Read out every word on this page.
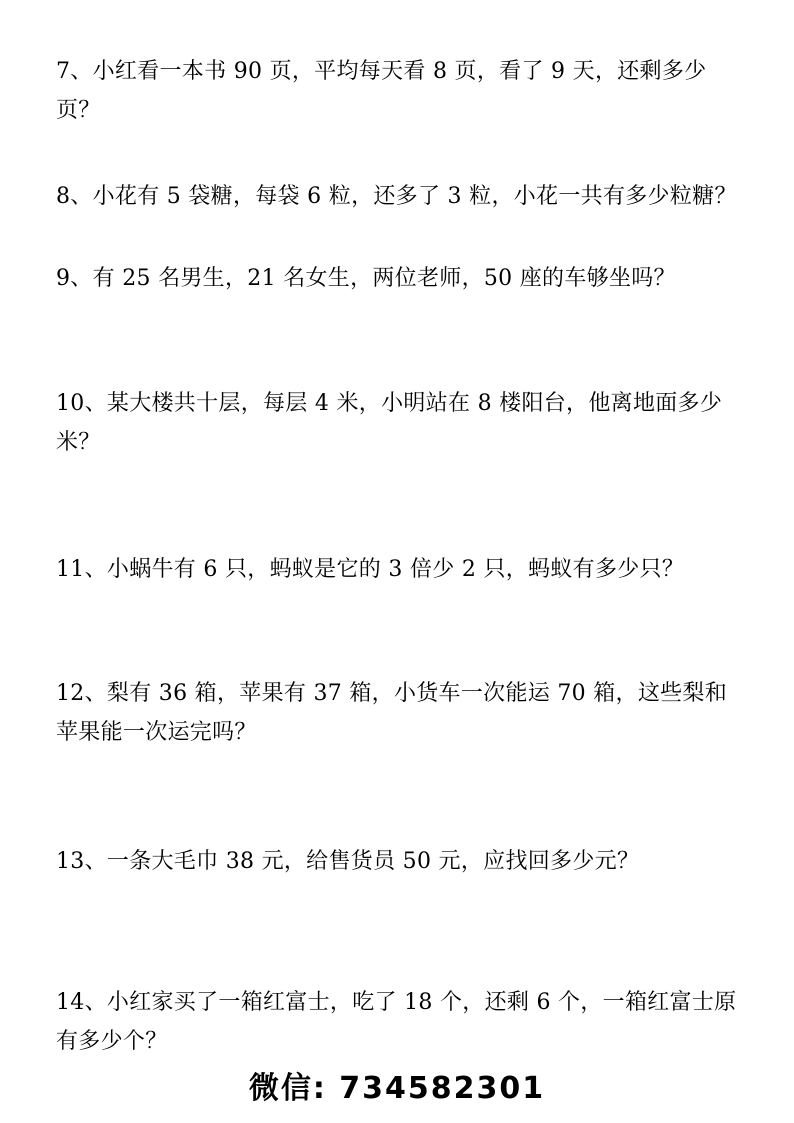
7、小红看一本书 90 页，平均每天看 8 页，看了 9 天，还剩多少页？

8、小花有 5 袋糖，每袋 6 粒，还多了 3 粒，小花一共有多少粒糖？

9、有 25 名男生，21 名女生，两位老师，50 座的车够坐吗？

10、某大楼共十层，每层 4 米，小明站在 8 楼阳台，他离地面多少米？

11、小蜗牛有 6 只，蚂蚁是它的 3 倍少 2 只，蚂蚁有多少只？

12、梨有 36 箱，苹果有 37 箱，小货车一次能运 70 箱，这些梨和苹果能一次运完吗？

13、一条大毛巾 38 元，给售货员 50 元，应找回多少元？

14、小红家买了一箱红富士，吃了 18 个，还剩 6 个，一箱红富士原有多少个？

微信: 734582301
